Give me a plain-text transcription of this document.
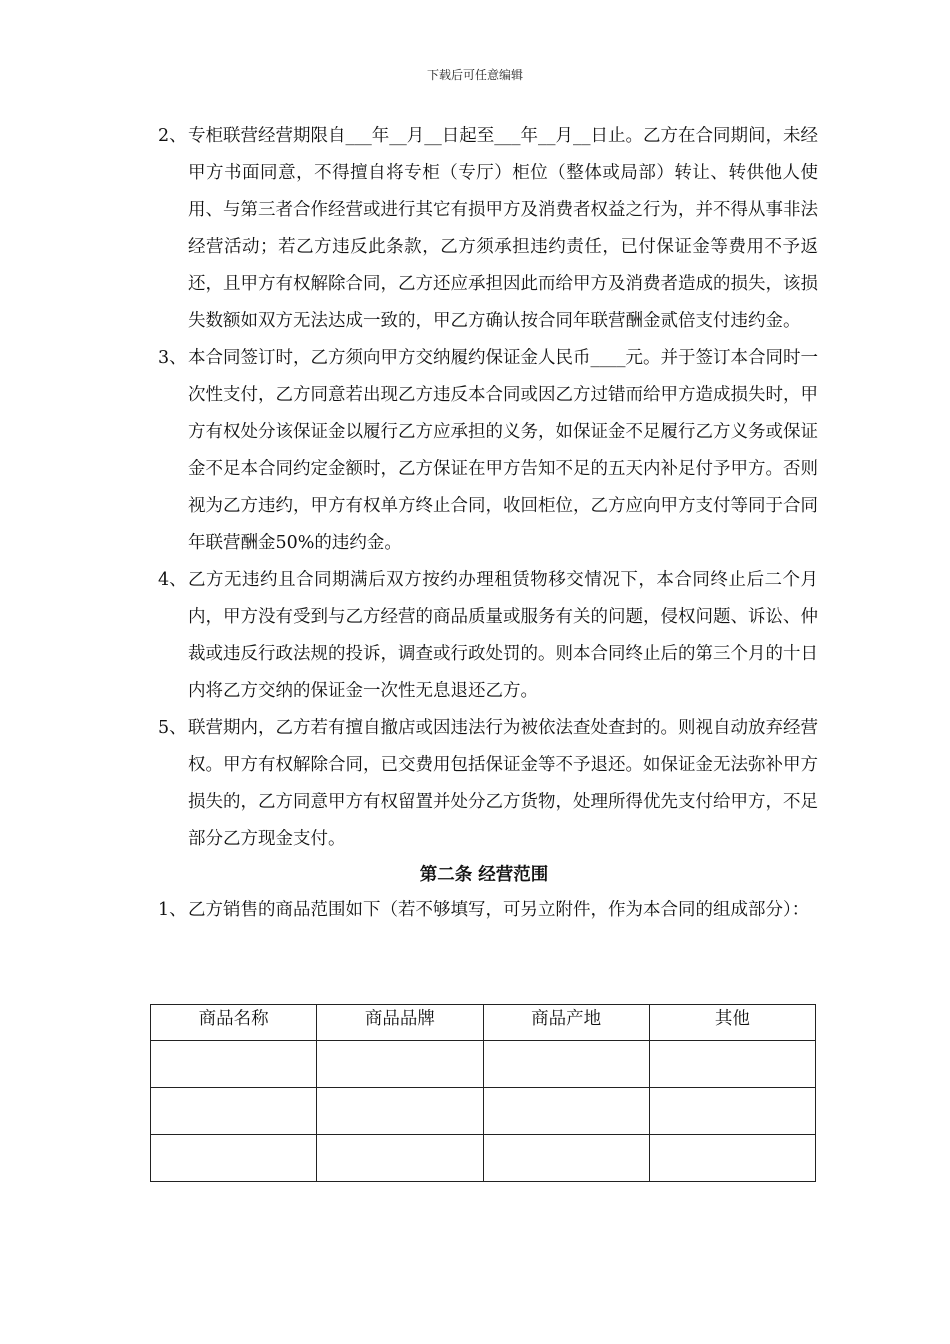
下载后可任意编辑

2、 专柜联营经营期限自___年__月__日起至___年__月__日止。乙方在合同期间，未经甲方书面同意，不得擅自将专柜（专厅）柜位（整体或局部）转让、转供他人使用、与第三者合作经营或进行其它有损甲方及消费者权益之行为，并不得从事非法经营活动；若乙方违反此条款，乙方须承担违约责任，已付保证金等费用不予返还，且甲方有权解除合同，乙方还应承担因此而给甲方及消费者造成的损失，该损失数额如双方无法达成一致的，甲乙方确认按合同年联营酬金贰倍支付违约金。

3、 本合同签订时，乙方须向甲方交纳履约保证金人民币____元。并于签订本合同时一次性支付，乙方同意若出现乙方违反本合同或因乙方过错而给甲方造成损失时，甲方有权处分该保证金以履行乙方应承担的义务，如保证金不足履行乙方义务或保证金不足本合同约定金额时，乙方保证在甲方告知不足的五天内补足付予甲方。否则视为乙方违约，甲方有权单方终止合同，收回柜位，乙方应向甲方支付等同于合同年联营酬金50%的违约金。

4、 乙方无违约且合同期满后双方按约办理租赁物移交情况下，本合同终止后二个月内，甲方没有受到与乙方经营的商品质量或服务有关的问题，侵权问题、诉讼、仲裁或违反行政法规的投诉，调查或行政处罚的。则本合同终止后的第三个月的十日内将乙方交纳的保证金一次性无息退还乙方。

5、 联营期内，乙方若有擅自撤店或因违法行为被依法查处查封的。则视自动放弃经营权。甲方有权解除合同，已交费用包括保证金等不予退还。如保证金无法弥补甲方损失的，乙方同意甲方有权留置并处分乙方货物，处理所得优先支付给甲方，不足部分乙方现金支付。

第二条 经营范围

1、 乙方销售的商品范围如下（若不够填写，可另立附件，作为本合同的组成部分）：

商品名称	商品品牌	商品产地	其他
